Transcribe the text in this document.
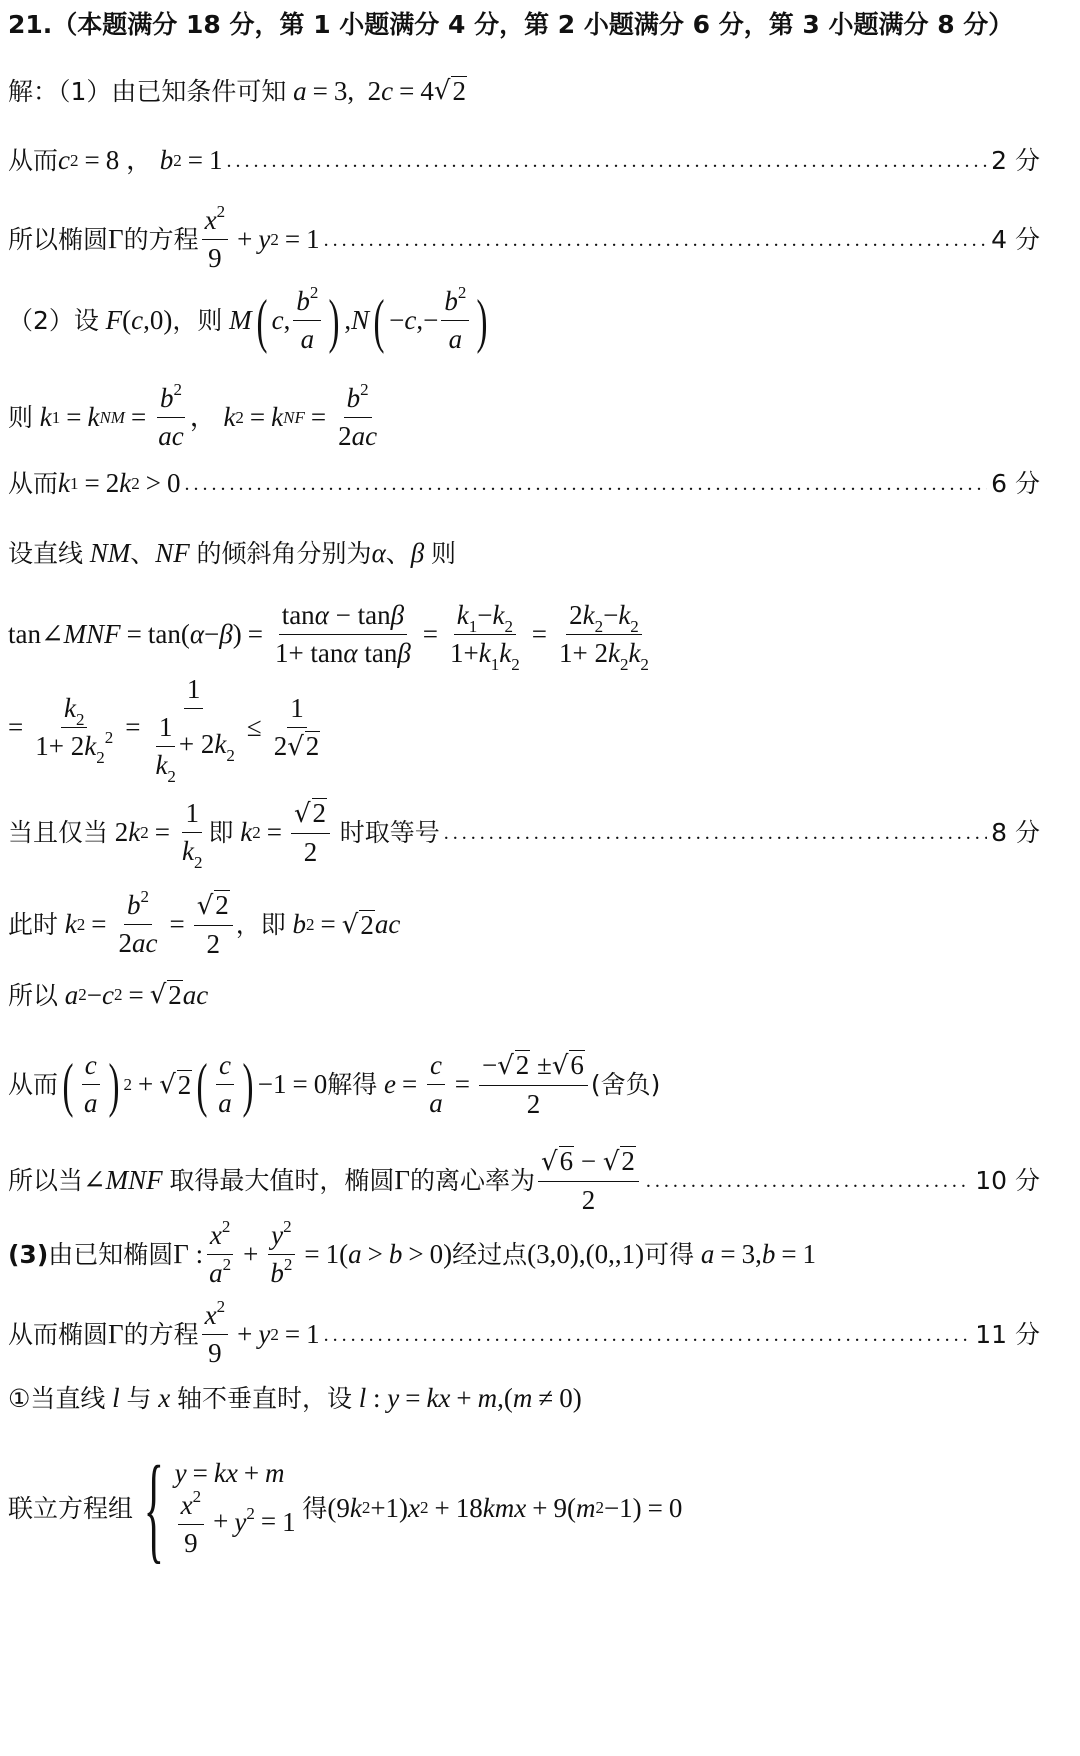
21.（本题满分 18 分，第 1 小题满分 4 分，第 2 小题满分 6 分，第 3 小题满分 8 分）
解：（1）由已知条件可知
a = 3,  2 c = 4 √ 2
从而 c 2 = 8 ， b 2 = 1 .....	2 分
所以椭圆 Γ 的方程
$x^2$
9
+ y 2 = 1 .....	4 分
（2）设
F ( c ,0) ，则
M ( c ,
$b^2$
a ) , N ( − c ,−
$b^2$
a )
则
k 1 = k NM = $\frac{b^2}{ac}$ ， k 2 = k NF = $\frac{b^2}{2ac}$
从而 k 1 = 2 k 2 > 0 .....	6 分
设直线
NM 、 NF
的倾斜角分别为 α 、 β
则
tan∠ MNF = tan( α − β ) = $\frac{\tan\alpha - \tan\beta}{\text{1+ tanα tanβ}} = \frac{k_1-k_2}{1+k_1k_2} = \frac{2k_2-k_2}{1+ 2k_2k_2}$
= $\frac{k_2}{1+ 2k_2^2} = \frac{1}{\frac{1}{k_2} + 2k_2} \le \frac{1}{2√2}$
当且仅当 2 k $2 = \frac{1}{k_2}$ 即
k $2 = \frac{√2}{2}$
时取等号 .....	8 分
此时
k $2 = \frac{b^2}{2ac} = \frac{√2}{2}$ ，即
b 2 = √ 2 ac
所以
a 2 − c 2 = √ 2 ac
从而 ( c
a ) 2 + √ 2 ( c
a ) −1 = 0 解得
$e = \frac{c}{a} = \frac{-√2 \pm√6}{2}$ (舍负)
所以当 ∠ MNF
取得最大值时，椭圆 Γ 的离心率为
√6 − √2
2
.....
10 分
(3) 由已知椭圆 Γ :
$x^2$
$a^2 + \frac{y^2}{b^2} = 1$( a > b > 0) 经过点 (3,0),(0,,1) 可得
a = 3, b = 1
从而椭圆 Γ 的方程
$x^2$
9
+ y 2 = 1 .....	11 分
①当直线
l
与
x
轴不垂直时，设
l : y = kx + m ,( m ≠ 0)
联立方程组 { y = kx + m
$\frac{x^2}{9} + y^2 = 1$
得 (9 k 2 +1) x 2 + 18 kmx + 9( m 2 −1) = 0
